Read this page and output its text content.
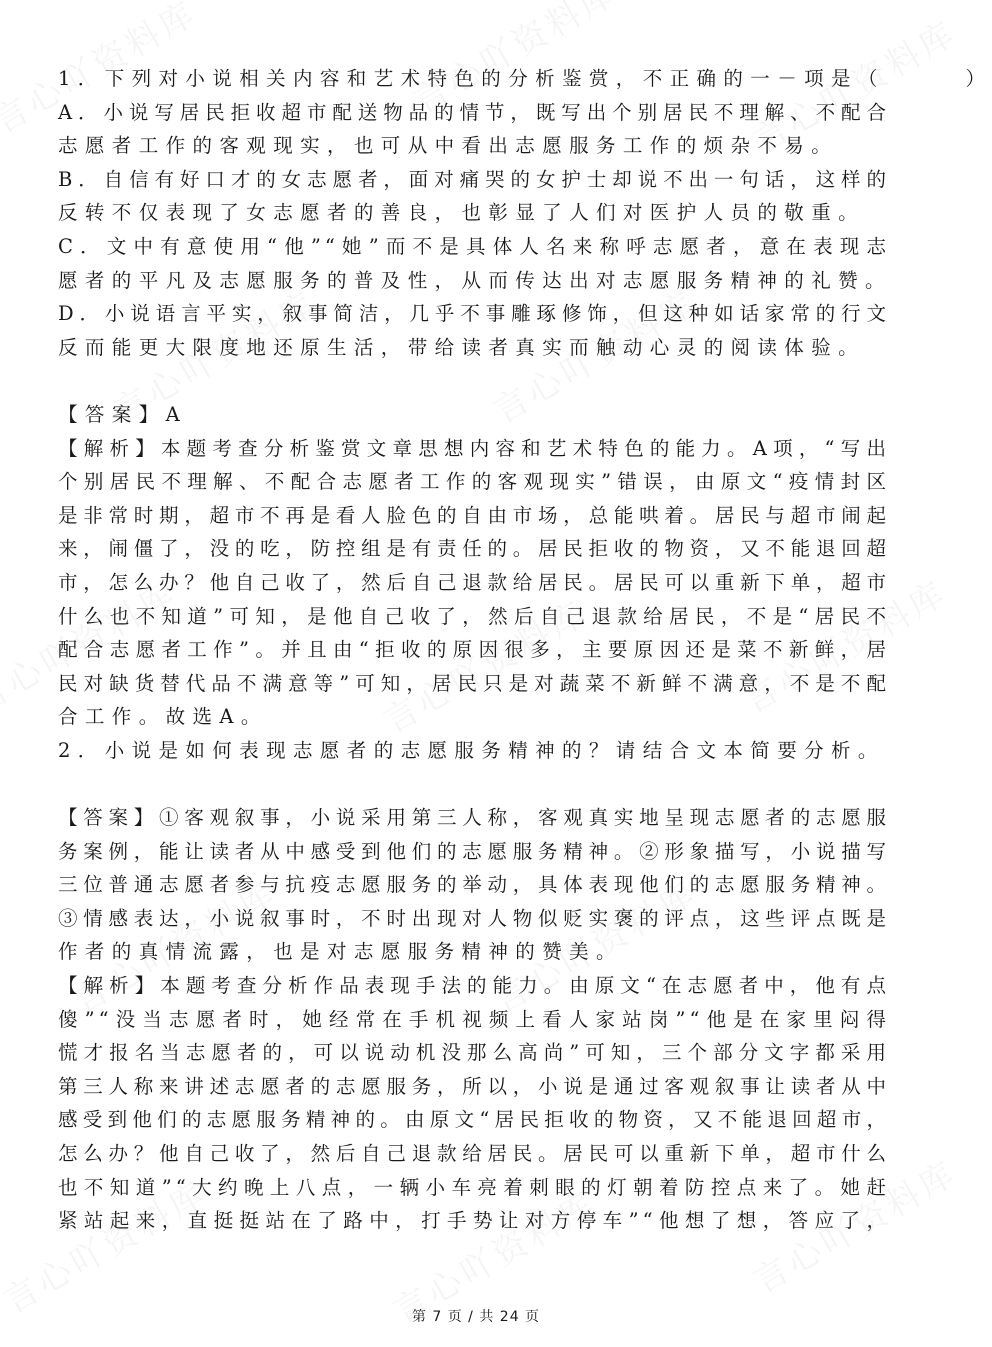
1．下列对小说相关内容和艺术特色的分析鉴赏，不正确的一－项是（　　　）

A．小说写居民拒收超市配送物品的情节，既写出个别居民不理解、不配合

志愿者工作的客观现实，也可从中看出志愿服务工作的烦杂不易。

B．自信有好口才的女志愿者，面对痛哭的女护士却说不出一句话，这样的

反转不仅表现了女志愿者的善良，也彰显了人们对医护人员的敬重。

C．文中有意使用“他”“她”而不是具体人名来称呼志愿者，意在表现志

愿者的平凡及志愿服务的普及性，从而传达出对志愿服务精神的礼赞。

D．小说语言平实，叙事简洁，几乎不事雕琢修饰，但这种如话家常的行文

反而能更大限度地还原生活，带给读者真实而触动心灵的阅读体验。

【答案】A

【解析】本题考查分析鉴赏文章思想内容和艺术特色的能力。A项，“写出

个别居民不理解、不配合志愿者工作的客观现实”错误，由原文“疫情封区

是非常时期，超市不再是看人脸色的自由市场，总能哄着。居民与超市闹起

来，闹僵了，没的吃，防控组是有责任的。居民拒收的物资，又不能退回超

市，怎么办？他自己收了，然后自己退款给居民。居民可以重新下单，超市

什么也不知道”可知，是他自己收了，然后自己退款给居民，不是“居民不

配合志愿者工作”。并且由“拒收的原因很多，主要原因还是菜不新鲜，居

民对缺货替代品不满意等”可知，居民只是对蔬菜不新鲜不满意，不是不配

合工作。故选A。

2．小说是如何表现志愿者的志愿服务精神的？请结合文本简要分析。

【答案】①客观叙事，小说采用第三人称，客观真实地呈现志愿者的志愿服

务案例，能让读者从中感受到他们的志愿服务精神。②形象描写，小说描写

三位普通志愿者参与抗疫志愿服务的举动，具体表现他们的志愿服务精神。

③情感表达，小说叙事时，不时出现对人物似贬实褒的评点，这些评点既是

作者的真情流露，也是对志愿服务精神的赞美。

【解析】本题考查分析作品表现手法的能力。由原文“在志愿者中，他有点

傻”“没当志愿者时，她经常在手机视频上看人家站岗”“他是在家里闷得

慌才报名当志愿者的，可以说动机没那么高尚”可知，三个部分文字都采用

第三人称来讲述志愿者的志愿服务，所以，小说是通过客观叙事让读者从中

感受到他们的志愿服务精神的。由原文“居民拒收的物资，又不能退回超市，

怎么办？他自己收了，然后自己退款给居民。居民可以重新下单，超市什么

也不知道”“大约晚上八点，一辆小车亮着刺眼的灯朝着防控点来了。她赶

紧站起来，直挺挺站在了路中，打手势让对方停车”“他想了想，答应了，

第 7 页 / 共 24 页
